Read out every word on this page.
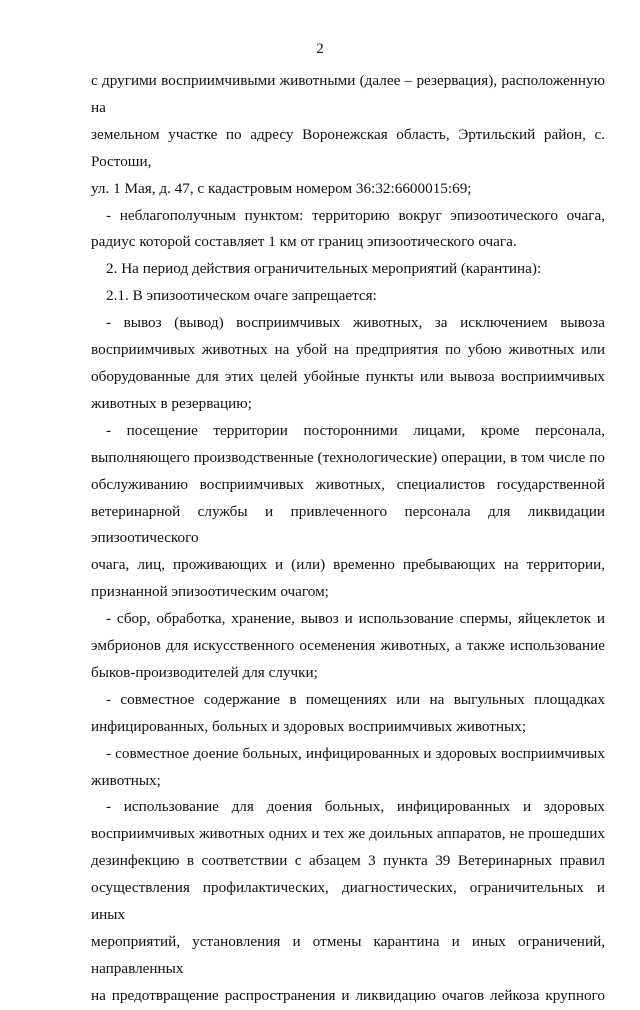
2

с другими восприимчивыми животными (далее – резервация), расположенную на
земельном участке по адресу Воронежская область, Эртильский район, с. Ростоши,
ул. 1 Мая, д. 47, с кадастровым номером 36:32:6600015:69;

- неблагополучным пунктом: территорию вокруг эпизоотического очага,
радиус которой составляет 1 км от границ эпизоотического очага.

2. На период действия ограничительных мероприятий (карантина):

2.1. В эпизоотическом очаге запрещается:

- вывоз (вывод) восприимчивых животных, за исключением вывоза
восприимчивых животных на убой на предприятия по убою животных или
оборудованные для этих целей убойные пункты или вывоза восприимчивых
животных в резервацию;

- посещение территории посторонними лицами, кроме персонала,
выполняющего производственные (технологические) операции, в том числе по
обслуживанию восприимчивых животных, специалистов государственной
ветеринарной службы и привлеченного персонала для ликвидации эпизоотического
очага, лиц, проживающих и (или) временно пребывающих на территории,
признанной эпизоотическим очагом;

- сбор, обработка, хранение, вывоз и использование спермы, яйцеклеток и
эмбрионов для искусственного осеменения животных, а также использование
быков-производителей для случки;

- совместное содержание в помещениях или на выгульных площадках
инфицированных, больных и здоровых восприимчивых животных;

- совместное доение больных, инфицированных и здоровых восприимчивых
животных;

- использование для доения больных, инфицированных и здоровых
восприимчивых животных одних и тех же доильных аппаратов, не прошедших
дезинфекцию в соответствии с абзацем 3 пункта 39 Ветеринарных правил
осуществления профилактических, диагностических, ограничительных и иных
мероприятий, установления и отмены карантина и иных ограничений, направленных
на предотвращение распространения и ликвидацию очагов лейкоза крупного
